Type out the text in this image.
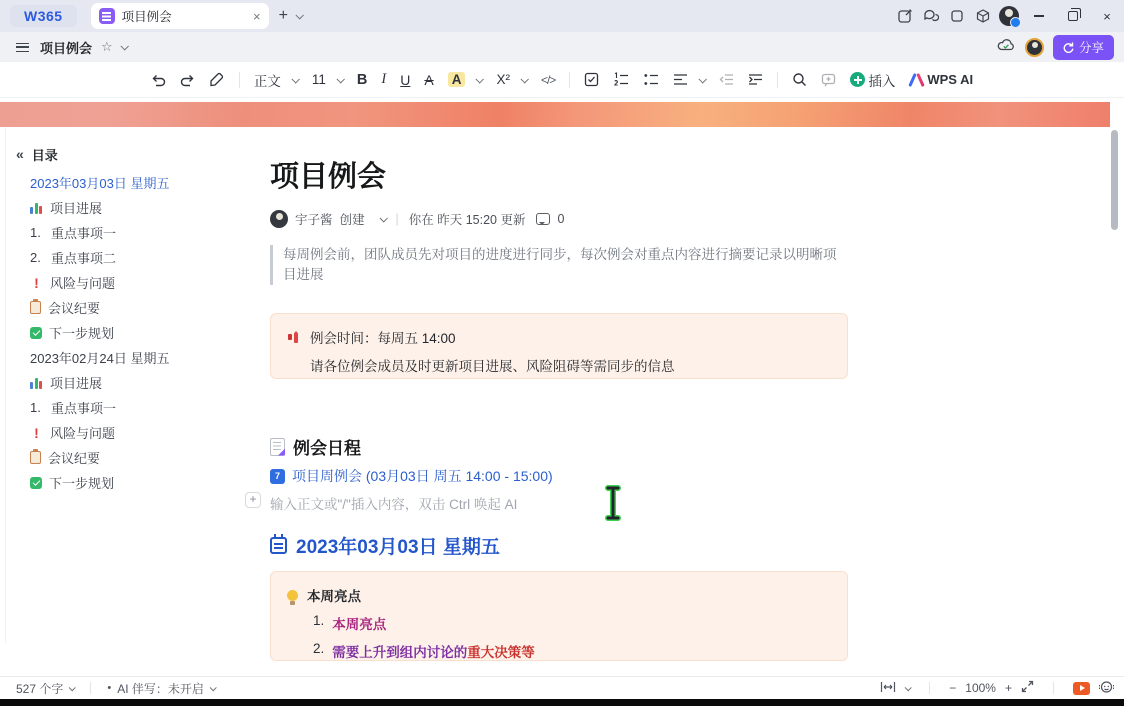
W365	项目例会	× +	×
项目例会 ☆	分享
正文 11	B I	U	A	A	X²	</>	插入 WPS AI
« 目录
2023年03月03日 星期五
项目进展
1. 重点事项一
2. 重点事项二
! 风险与问题
会议纪要
下一步规划
2023年02月24日 星期五
项目进展
1. 重点事项一
! 风险与问题
会议纪要
下一步规划
项目例会
宇子酱 创建 | 你在 昨天 15:20 更新	0
每周例会前，团队成员先对项目的进度进行同步，每次例会对重点内容进行摘要记录以明晰项目进展
例会时间：每周五 14:00
请各位例会成员及时更新项目进展、风险阻碍等需同步的信息
例会日程
7 项目周例会 (03月03日 周五 14:00 - 15:00)
+	输入正文或"/"插入内容，双击 Ctrl 唤起 AI
2023年03月03日 星期五
本周亮点
1. 本周亮点
2. 需要上升到组内讨论的重大决策等
527 个字	• AI 伴写：未开启	− 100% +
